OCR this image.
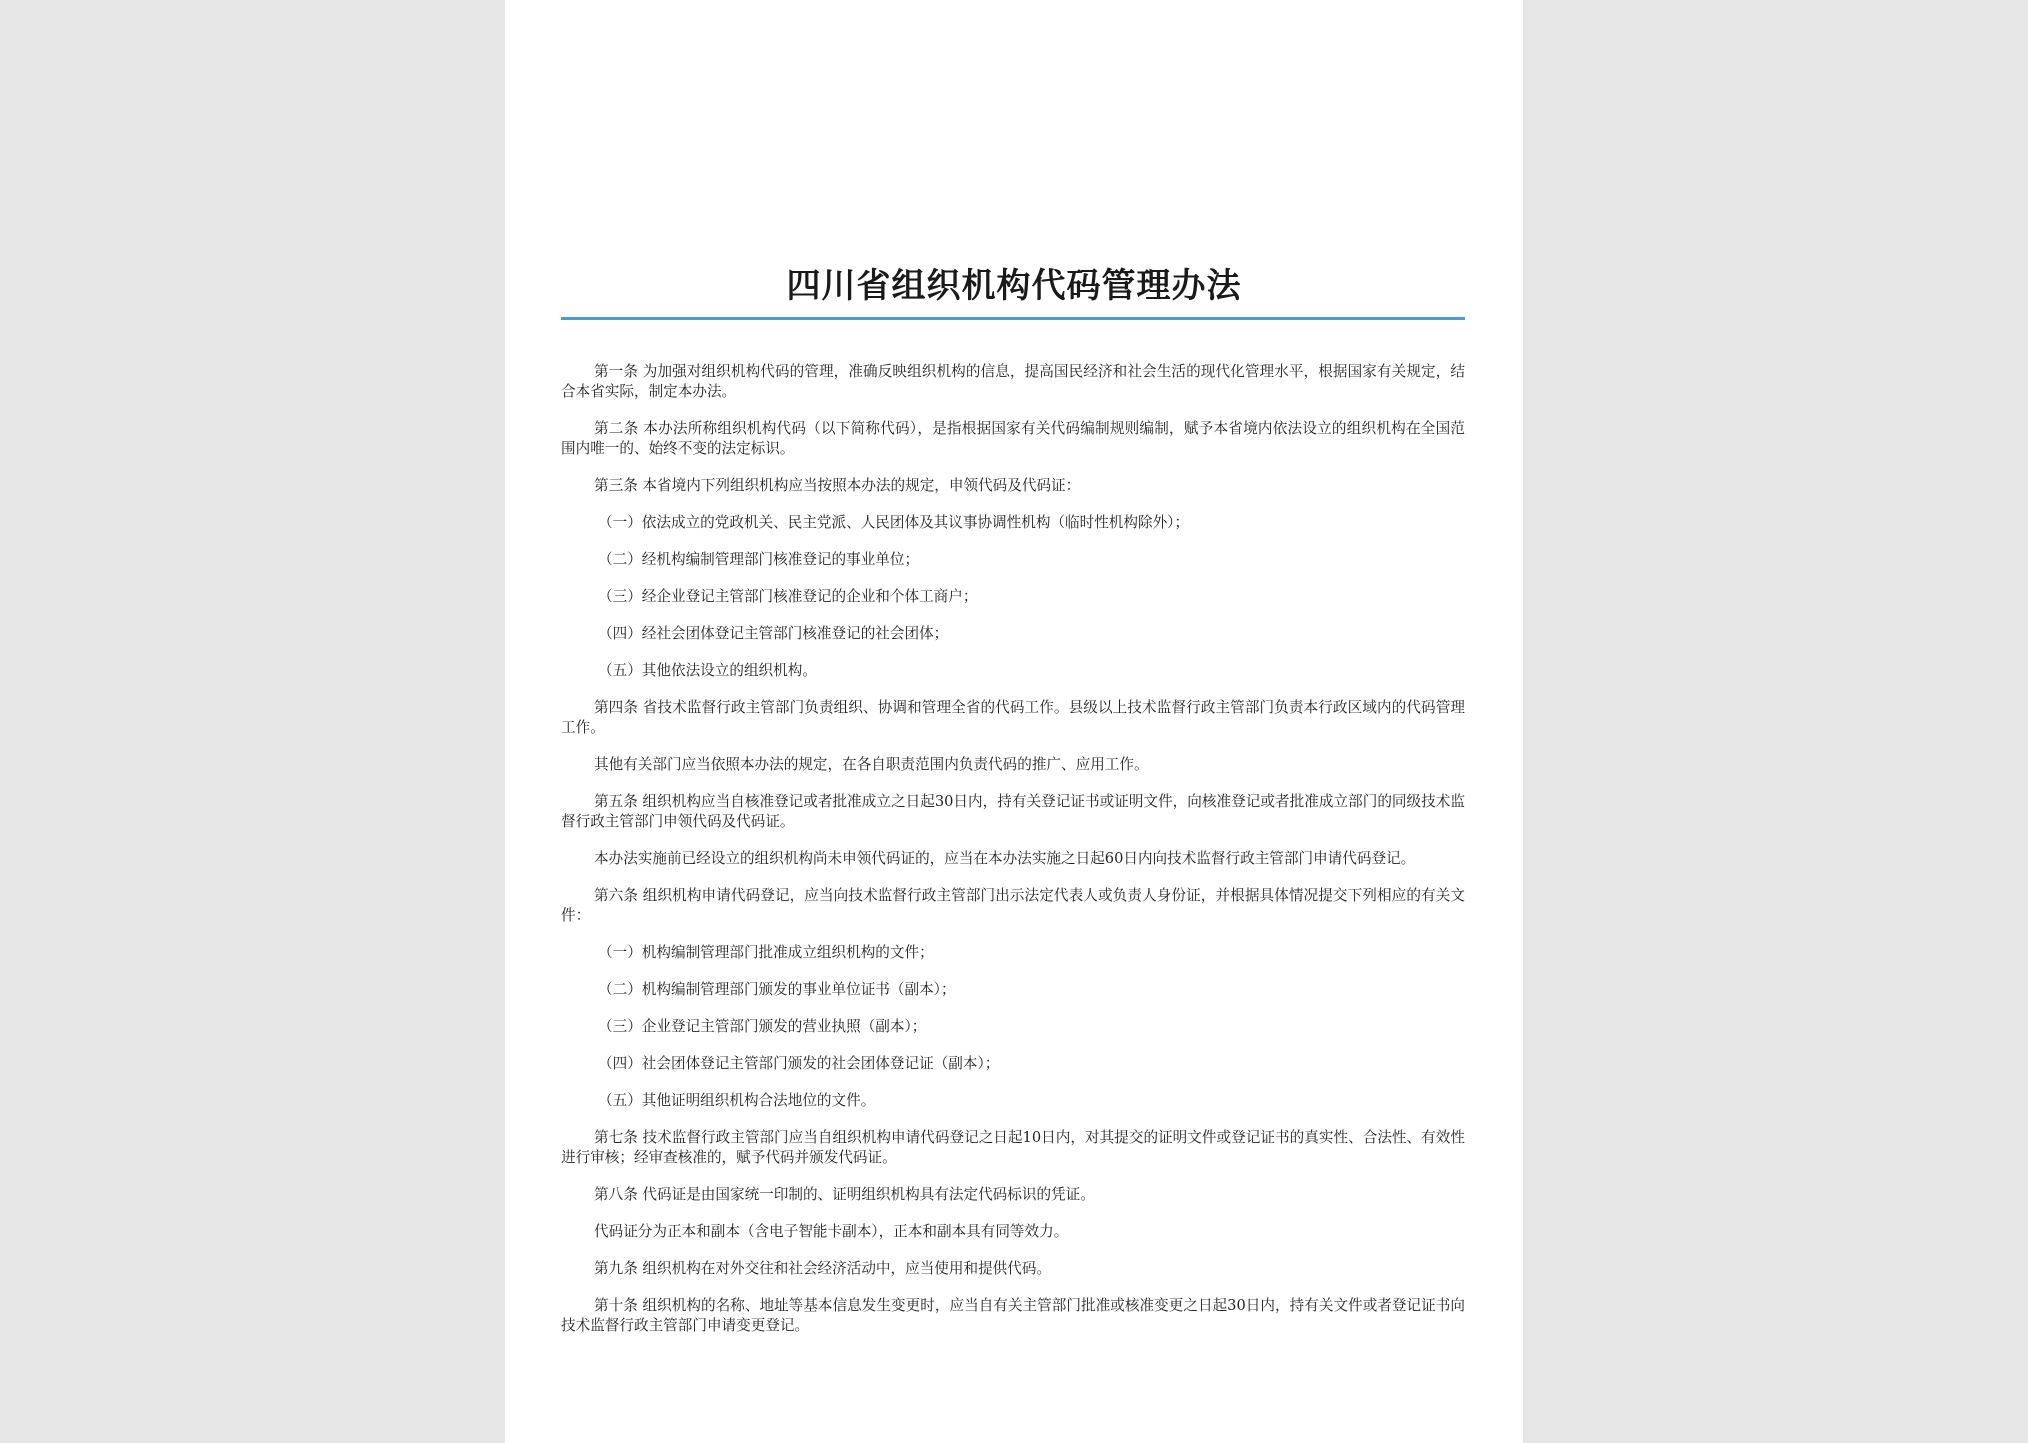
四川省组织机构代码管理办法

第一条 为加强对组织机构代码的管理，准确反映组织机构的信息，提高国民经济和社会生活的现代化管理水平，根据国家有关规定，结合本省实际，制定本办法。

第二条 本办法所称组织机构代码（以下简称代码），是指根据国家有关代码编制规则编制，赋予本省境内依法设立的组织机构在全国范围内唯一的、始终不变的法定标识。

第三条 本省境内下列组织机构应当按照本办法的规定，申领代码及代码证：

（一）依法成立的党政机关、民主党派、人民团体及其议事协调性机构（临时性机构除外）；

（二）经机构编制管理部门核准登记的事业单位；

（三）经企业登记主管部门核准登记的企业和个体工商户；

（四）经社会团体登记主管部门核准登记的社会团体；

（五）其他依法设立的组织机构。

第四条 省技术监督行政主管部门负责组织、协调和管理全省的代码工作。县级以上技术监督行政主管部门负责本行政区域内的代码管理工作。

其他有关部门应当依照本办法的规定，在各自职责范围内负责代码的推广、应用工作。

第五条 组织机构应当自核准登记或者批准成立之日起30日内，持有关登记证书或证明文件，向核准登记或者批准成立部门的同级技术监督行政主管部门申领代码及代码证。

本办法实施前已经设立的组织机构尚未申领代码证的，应当在本办法实施之日起60日内向技术监督行政主管部门申请代码登记。

第六条 组织机构申请代码登记，应当向技术监督行政主管部门出示法定代表人或负责人身份证，并根据具体情况提交下列相应的有关文件：

（一）机构编制管理部门批准成立组织机构的文件；

（二）机构编制管理部门颁发的事业单位证书（副本）；

（三）企业登记主管部门颁发的营业执照（副本）；

（四）社会团体登记主管部门颁发的社会团体登记证（副本）；

（五）其他证明组织机构合法地位的文件。

第七条 技术监督行政主管部门应当自组织机构申请代码登记之日起10日内，对其提交的证明文件或登记证书的真实性、合法性、有效性进行审核；经审查核准的，赋予代码并颁发代码证。

第八条 代码证是由国家统一印制的、证明组织机构具有法定代码标识的凭证。

代码证分为正本和副本（含电子智能卡副本），正本和副本具有同等效力。

第九条 组织机构在对外交往和社会经济活动中，应当使用和提供代码。

第十条 组织机构的名称、地址等基本信息发生变更时，应当自有关主管部门批准或核准变更之日起30日内，持有关文件或者登记证书向技术监督行政主管部门申请变更登记。
